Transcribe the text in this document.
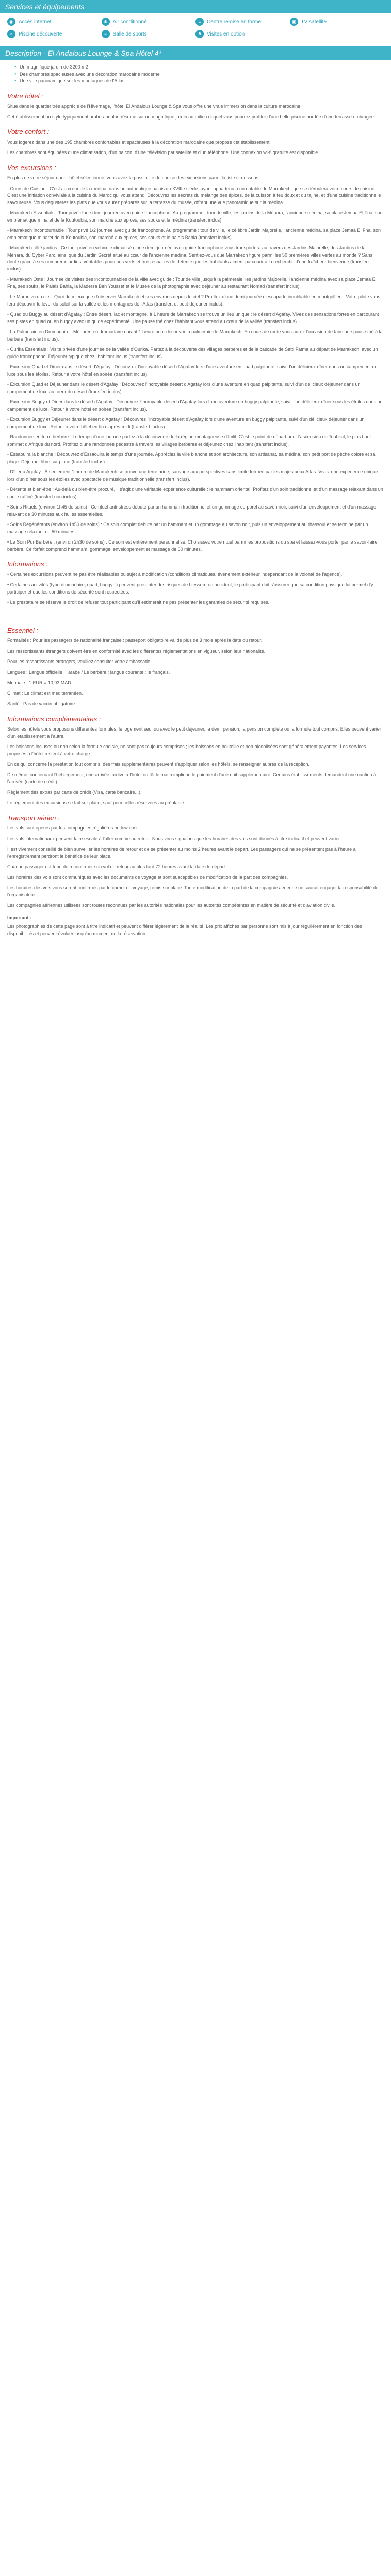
Services et équipements
◉	Accès internet	❄	Air conditionné	≡	Centre remise en forme	▣ TV satellite
≈	Piscine découverte	≡	Salle de sports	⚑ Visites en option
Description - El Andalous Lounge & Spa Hôtel 4*
● Un magnifique jardin de 3200 m2
● Des chambres spacieuses avec une décoration marocaine moderne
● Une vue panoramique sur les montagnes de l'Atlas
Votre hôtel :

Situé dans le quartier très apprécié de l'Hivernage, l'hôtel El Andalous Lounge & Spa vous offre une vraie immersion dans la culture marocaine.

Cet établissement au style typiquement arabo-andalou résume sur un magnifique jardin au milieu duquel vous pourrez profiter d'une belle piscine bordée d'une terrasse ombragée.

Votre confort :

Vous logerez dans une des 195 chambres confortables et spacieuses à la décoration marocaine que propose cet établissement.

Les chambres sont équipées d'une climatisation, d'un balcon, d'une télévision par satellite et d'un téléphone. Une connexion wi-fi gratuite est disponible.

Vos excursions :

En plus de votre séjour dans l'hôtel sélectionné, vous avez la possibilité de choisir des excursions parmi la liste ci-dessous :

- Cours de Cuisine : C'est au cœur de la médina, dans un authentique palais du XVIIIe siècle, ayant appartenu à un notable de Marrakech, que se déroulera votre cours de cuisine. C'est une initiation conviviale à la cuisine du Maroc qui vous attend. Découvrez les secrets du mélange des épices, de la cuisson à feu doux et du tajine, et d'une cuisine traditionnelle savoureuse. Vous dégusterez les plats que vous aurez préparés sur la terrasse du musée, offrant une vue panoramique sur la médina.

- Marrakech Essentials : Tour privé d'une demi-journée avec guide francophone. Au programme : tour de ville, les jardins de la Ménara, l'ancienne médina, sa place Jemaa El Fna, son emblématique minaret de la Koutoubia, son marché aux épices, ses souks et la médina (transfert inclus).

- Marrakech Incontournable : Tour privé 1/2 journée avec guide francophone. Au programme : tour de ville, le célèbre Jardin Majorelle, l'ancienne médina, sa place Jemaa El Fna, son emblématique minaret de la Koutoubia, son marché aux épices, ses souks et le palais Bahia (transfert inclus).

- Marrakech côté jardins : Ce tour privé en véhicule climatisé d'une demi-journée avec guide francophone vous transportera au travers des Jardins Majorelle, des Jardins de la Ménara, du Cyber Parc, ainsi que du Jardin Secret situé au cœur de l'ancienne médina. Sentiez-vous que Marrakech figure parmi les 50 premières villes vertes au monde ? Sans doute grâce à ses nombreux jardins, véritables poumons verts et trois espaces de détente que les habitants aiment parcourir à la recherche d'une fraîcheur bienvenue (transfert inclus).

- Marrakech Osté : Journée de visites des incontournables de la ville avec guide : Tour de ville jusqu'à la palmeraie, les jardins Majorelle, l'ancienne médina avec sa place Jemaa El Fna, ses souks, le Palais Bahia, la Madersa Ben Youssef et le Musée de la photographie avec déjeuner au restaurant Nomad (transfert inclus).

- Le Maroc vu du ciel : Quoi de mieux que d'observer Marrakech et ses environs depuis le ciel ? Profitez d'une demi-journée d'escapade inoubliable en montgolfière. Votre pilote vous fera découvrir le lever du soleil sur la vallée et les montagnes de l'Atlas (transfert et petit-déjeuner inclus).

- Quad ou Buggy au désert d'Agafay : Entre désert, lac et montagne, à 1 heure de Marrakech se trouve un lieu unique : le désert d'Agafay. Vivez des sensations fortes en parcourant ses pistes en quad ou en buggy avec un guide expérimenté. Une pause thé chez l'habitant vous attend au cœur de la vallée (transfert inclus).

- La Palmeraie en Dromadaire : Méharée en dromadaire durant 1 heure pour découvrir la palmeraie de Marrakech. En cours de route vous aurez l'occasion de faire une pause thé à la berbère (transfert inclus).

- Ourika Essentials : Visite privée d'une journée de la vallée d'Ourika. Partez à la découverte des villages berbères et de la cascade de Setti Fatma au départ de Marrakech, avec un guide francophone. Déjeuner typique chez l'habitant inclus (transfert inclus).

- Excursion Quad et Dîner dans le désert d'Agafay : Découvrez l'incroyable désert d'Agafay lors d'une aventure en quad palpitante, suivi d'un délicieux dîner dans un campement de luxe sous les étoiles. Retour à votre hôtel en soirée (transfert inclus).

- Excursion Quad et Déjeuner dans le désert d'Agafay : Découvrez l'incroyable désert d'Agafay lors d'une aventure en quad palpitante, suivi d'un délicieux déjeuner dans un campement de luxe au cœur du désert (transfert inclus).

- Excursion Buggy et Dîner dans le désert d'Agafay : Découvrez l'incroyable désert d'Agafay lors d'une aventure en buggy palpitante, suivi d'un délicieux dîner sous les étoiles dans un campement de luxe. Retour à votre hôtel en soirée (transfert inclus).

- Excursion Buggy et Déjeuner dans le désert d'Agafay : Découvrez l'incroyable désert d'Agafay lors d'une aventure en buggy palpitante, suivi d'un délicieux déjeuner dans un campement de luxe. Retour à votre hôtel en fin d'après-midi (transfert inclus).

- Randonnée en terre berbère : Le temps d'une journée partez à la découverte de la région montagneuse d'Imlil. C'est le point de départ pour l'ascension du Toubkal, le plus haut sommet d'Afrique du nord. Profitez d'une randonnée pédestre à travers les villages berbères et déjeunez chez l'habitant (transfert inclus).

- Essaouira la blanche : Découvrez d'Essaouira le temps d'une journée. Appréciez la ville blanche et son architecture, son artisanat, sa médina, son petit port de pêche coloré et sa plage. Déjeuner libre sur place (transfert inclus).

- Dîner à Agafay : À seulement 1 heure de Marrakech se trouve une terre aride, sauvage aux perspectives sans limite formée par les majestueux Atlas. Vivez une expérience unique lors d'un dîner sous les étoiles avec spectacle de musique traditionnelle (transfert inclus).

- Détente et bien-être : Au-delà du bien-être procuré, il s'agit d'une véritable expérience culturelle : le hammam oriental. Profitez d'un soin traditionnel et d'un massage relaxant dans un cadre raffiné (transfert non inclus).

• Soins Rituels (environ 1h45 de soins) : Ce rituel anti-stress débute par un hammam traditionnel et un gommage corporel au savon noir, suivi d'un enveloppement et d'un massage relaxant de 30 minutes aux huiles essentielles.

• Soins Régénérants (environ 1h50 de soins) : Ce soin complet débute par un hammam et un gommage au savon noir, puis un enveloppement au rhassoul et se termine par un massage relaxant de 50 minutes.

• Le Soin Pur Berbère : (environ 2h30 de soins) : Ce soin est entièrement personnalisé. Choisissez votre rituel parmi les propositions du spa et laissez-vous porter par le savoir-faire berbère. Ce forfait comprend hammam, gommage, enveloppement et massage de 60 minutes.

Informations :

• Certaines excursions peuvent ne pas être réalisables ou sujet à modification (conditions climatiques, événement extérieur indépendant de la volonté de l'agence).

• Certaines activités (type dromadaire, quad, buggy...) peuvent présenter des risques de blessure ou accident, le participant doit s'assurer que sa condition physique lui permet d'y participer et que les conditions de sécurité sont respectées.

• Le prestataire se réserve le droit de refuser tout participant qu'il estimerait ne pas présenter les garanties de sécurité requises.

Essentiel :

Formalités : Pour les passagers de nationalité française : passeport obligatoire valide plus de 3 mois après la date du retour.

Les ressortissants étrangers doivent être en conformité avec les différentes réglementations en vigueur, selon leur nationalité.

Pour les ressortissants étrangers, veuillez consulter votre ambassade.

Langues : Langue officielle : l'arabe / Le berbère ; langue courante : le français.

Monnaie : 1 EUR = 10,93 MAD.

Climat : Le climat est méditerranéen.

Santé : Pas de vaccin obligatoire.

Informations complémentaires :

Selon les hôtels vous proposons différentes formules, le logement seul ou avec le petit déjeuner, la demi pension, la pension complète ou la formule tout compris. Elles peuvent varier d'un établissement à l'autre.

Les boissons incluses ou non selon la formule choisie, ne sont pas toujours comprises ; les boissons en bouteille et non-alcoolisées sont généralement payantes. Les services proposés à l'hôtel restent à votre charge.

En ce qui concerne la prestation tout compris, des frais supplémentaires peuvent s'appliquer selon les hôtels, se renseigner auprès de la réception.

De même, concernant l'hébergement, une arrivée tardive à l'hôtel ou tôt le matin implique le paiement d'une nuit supplémentaire. Certains établissements demandent une caution à l'arrivée (carte de crédit).

Règlement des extras par carte de crédit (Visa, carte bancaire...).

Le règlement des excursions se fait sur place, sauf pour celles réservées au préalable.

Transport aérien :

Les vols sont opérés par les compagnies régulières ou low cost.

Les vols internationaux peuvent faire escale à l'aller comme au retour. Nous vous signalons que les horaires des vols sont donnés à titre indicatif et peuvent varier.

Il est vivement conseillé de bien surveiller les horaires de retour et de se présenter au moins 2 heures avant le départ. Les passagers qui ne se présentent pas à l'heure à l'enregistrement perdront le bénéfice de leur place.

Chaque passager est tenu de reconfirmer son vol de retour au plus tard 72 heures avant la date de départ.

Les horaires des vols sont communiqués avec les documents de voyage et sont susceptibles de modification de la part des compagnies.

Les horaires des vols vous seront confirmés par le carnet de voyage, remis sur place. Toute modification de la part de la compagnie aérienne ne saurait engager la responsabilité de l'organisateur.

Les compagnies aériennes utilisées sont toutes reconnues par les autorités nationales pour les autorités compétentes en matière de sécurité et d'aviation civile.

Important :

Les photographies de cette page sont à titre indicatif et peuvent différer légèrement de la réalité. Les prix affichés par personne sont mis à jour régulièrement en fonction des disponibilités et peuvent évoluer jusqu'au moment de la réservation.
